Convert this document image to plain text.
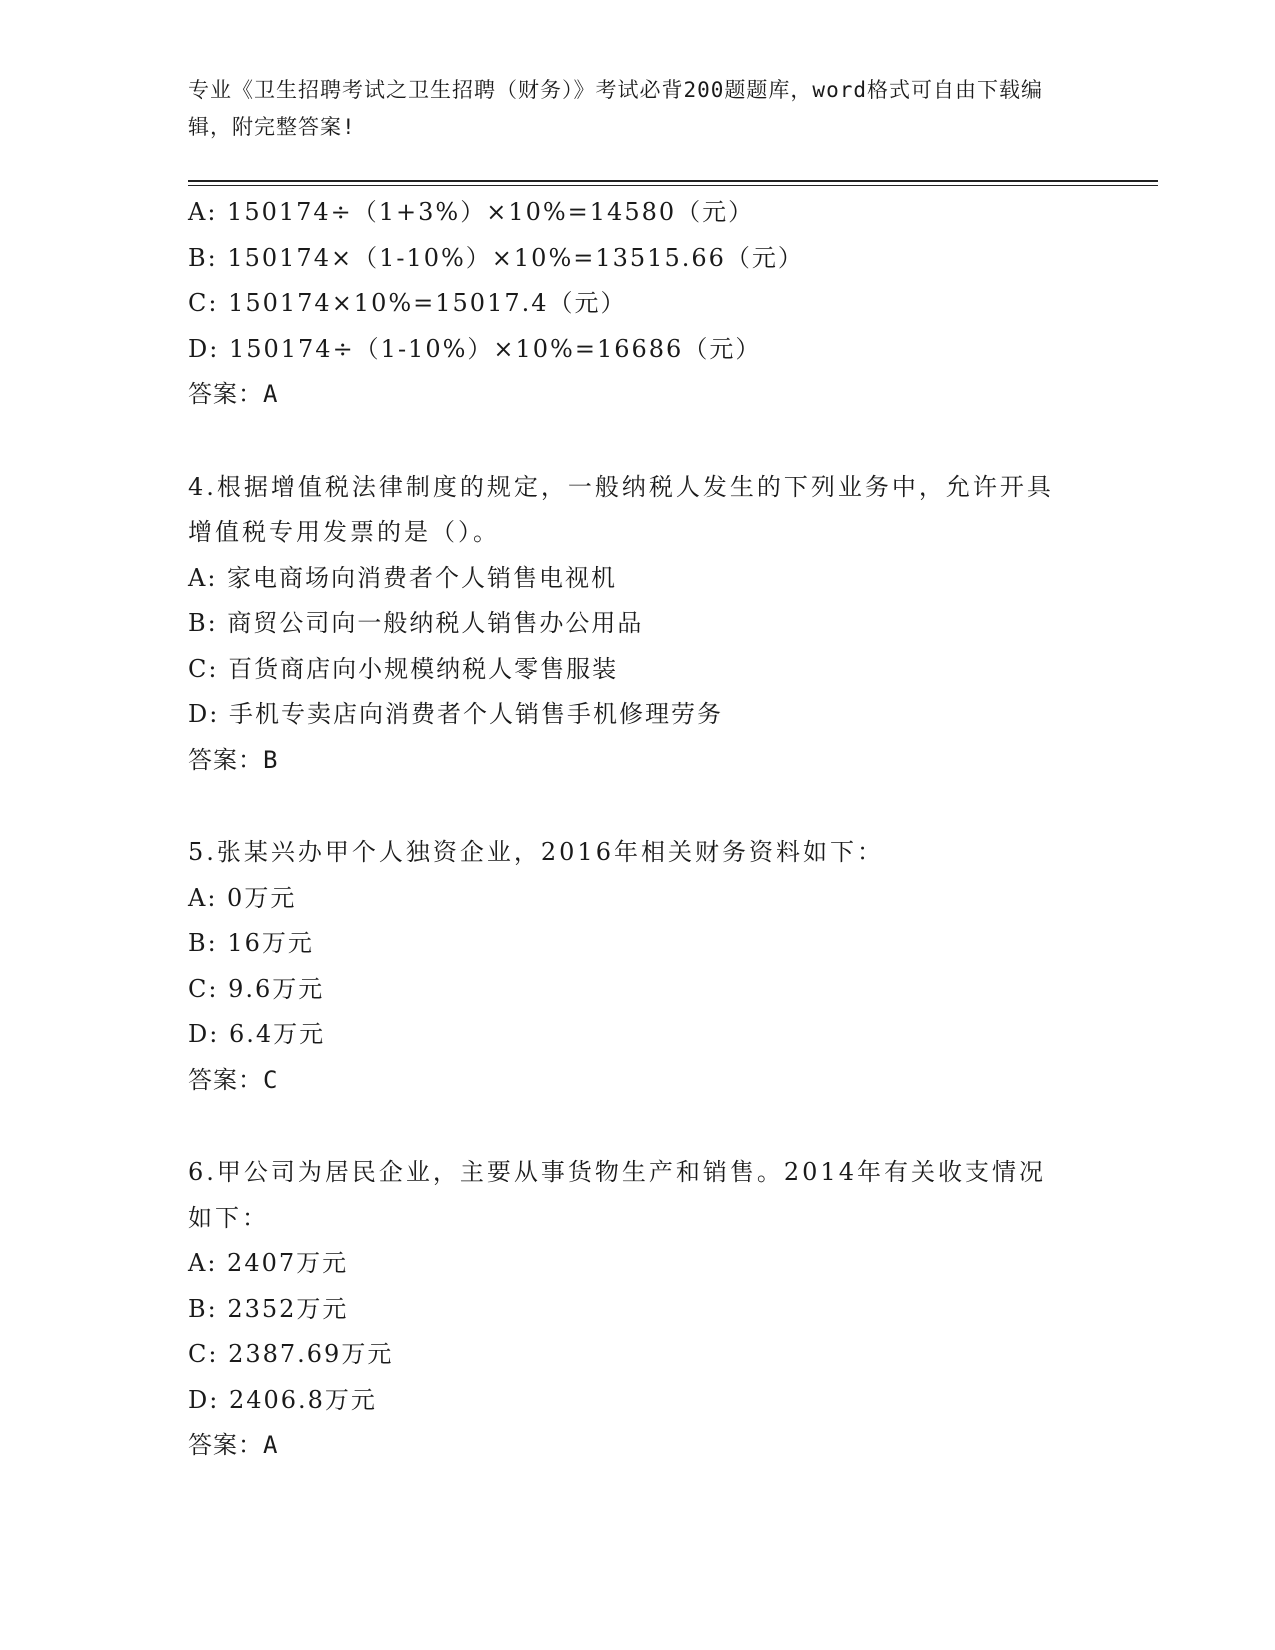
专业《卫生招聘考试之卫生招聘（财务）》考试必背200题题库，word格式可自由下载编辑，附完整答案!
A: 150174÷（1+3%）×10%=14580（元）
B: 150174×（1-10%）×10%=13515.66（元）
C: 150174×10%=15017.4（元）
D: 150174÷（1-10%）×10%=16686（元）
答案：A
4.根据增值税法律制度的规定，一般纳税人发生的下列业务中，允许开具增值税专用发票的是（）。
A: 家电商场向消费者个人销售电视机
B: 商贸公司向一般纳税人销售办公用品
C: 百货商店向小规模纳税人零售服装
D: 手机专卖店向消费者个人销售手机修理劳务
答案：B
5.张某兴办甲个人独资企业，2016年相关财务资料如下：
A: 0万元
B: 16万元
C: 9.6万元
D: 6.4万元
答案：C
6.甲公司为居民企业，主要从事货物生产和销售。2014年有关收支情况如下：
A: 2407万元
B: 2352万元
C: 2387.69万元
D: 2406.8万元
答案：A
